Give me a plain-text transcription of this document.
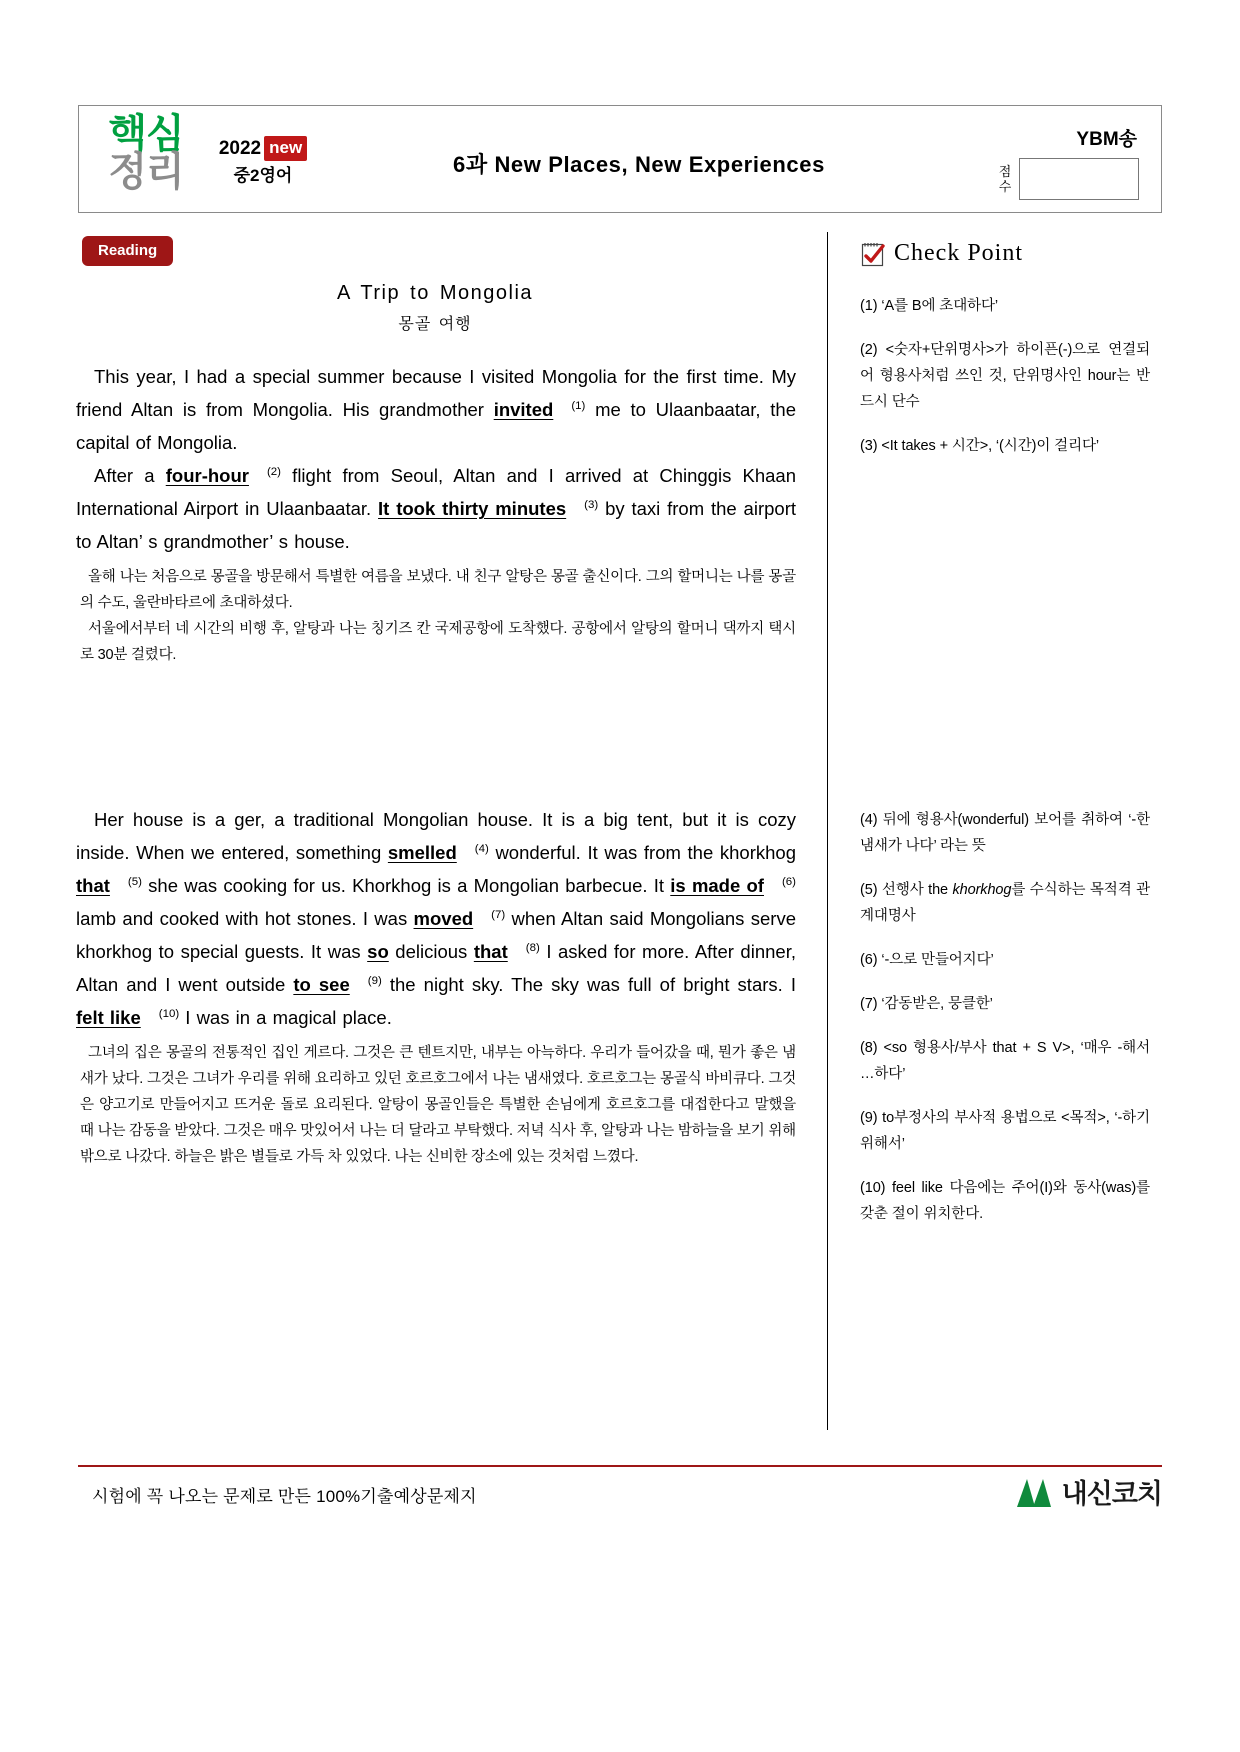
핵심
정리
2022 new
중2영어	6과 New Places, New Experiences
YBM송
점수
Reading
A Trip to Mongolia
몽골 여행

This year, I had a special summer because I visited Mongolia for the first time. My friend Altan is from Mongolia. His grandmother invited $^{(1)}$ me to Ulaanbaatar, the capital of Mongolia.

After a four-hour $^{(2)}$ flight from Seoul, Altan and I arrived at Chinggis Khaan International Airport in Ulaanbaatar. It took thirty minutes $^{(3)}$ by taxi from the airport to Altan’ s grandmother’ s house.

올해 나는 처음으로 몽골을 방문해서 특별한 여름을 보냈다. 내 친구 알탕은 몽골 출신이다. 그의 할머니는 나를 몽골의 수도, 울란바타르에 초대하셨다.

서울에서부터 네 시간의 비행 후, 알탕과 나는 칭기즈 칸 국제공항에 도착했다. 공항에서 알탕의 할머니 댁까지 택시로 30분 걸렸다.

Her house is a ger, a traditional Mongolian house. It is a big tent, but it is cozy inside. When we entered, something smelled $^{(4)}$ wonderful. It was from the khorkhog that $^{(5)}$ she was cooking for us. Khorkhog is a Mongolian barbecue. It is made of $^{(6)}$ lamb and cooked with hot stones. I was moved $^{(7)}$ when Altan said Mongolians serve khorkhog to special guests. It was so delicious that $^{(8)}$ I asked for more. After dinner, Altan and I went outside to see $^{(9)}$ the night sky. The sky was full of bright stars. I felt like $^{(10)}$ I was in a magical place.

그녀의 집은 몽골의 전통적인 집인 게르다. 그것은 큰 텐트지만, 내부는 아늑하다. 우리가 들어갔을 때, 뭔가 좋은 냄새가 났다. 그것은 그녀가 우리를 위해 요리하고 있던 호르호그에서 나는 냄새였다. 호르호그는 몽골식 바비큐다. 그것은 양고기로 만들어지고 뜨거운 돌로 요리된다. 알탕이 몽골인들은 특별한 손님에게 호르호그를 대접한다고 말했을 때 나는 감동을 받았다. 그것은 매우 맛있어서 나는 더 달라고 부탁했다. 저녁 식사 후, 알탕과 나는 밤하늘을 보기 위해 밖으로 나갔다. 하늘은 밝은 별들로 가득 차 있었다. 나는 신비한 장소에 있는 것처럼 느꼈다.

Check Point
(1) ‘A를 B에 초대하다’
(2) <숫자+단위명사>가 하이픈(-)으로 연결되어 형용사처럼 쓰인 것, 단위명사인 hour는 반드시 단수
(3) <It takes + 시간>, ‘(시간)이 걸리다’
(4) 뒤에 형용사(wonderful) 보어를 취하여 ‘-한 냄새가 나다’ 라는 뜻
(5) 선행사 the khorkhog를 수식하는 목적격 관계대명사
(6) ‘-으로 만들어지다’
(7) ‘감동받은, 뭉클한’
(8) <so 형용사/부사 that + S V>, ‘매우 -해서 …하다’
(9) to부정사의 부사적 용법으로 <목적>, ‘-하기 위해서’
(10) feel like 다음에는 주어(I)와 동사(was)를 갖춘 절이 위치한다.
시험에 꼭 나오는 문제로 만든 100%기출예상문제지	내신코치
